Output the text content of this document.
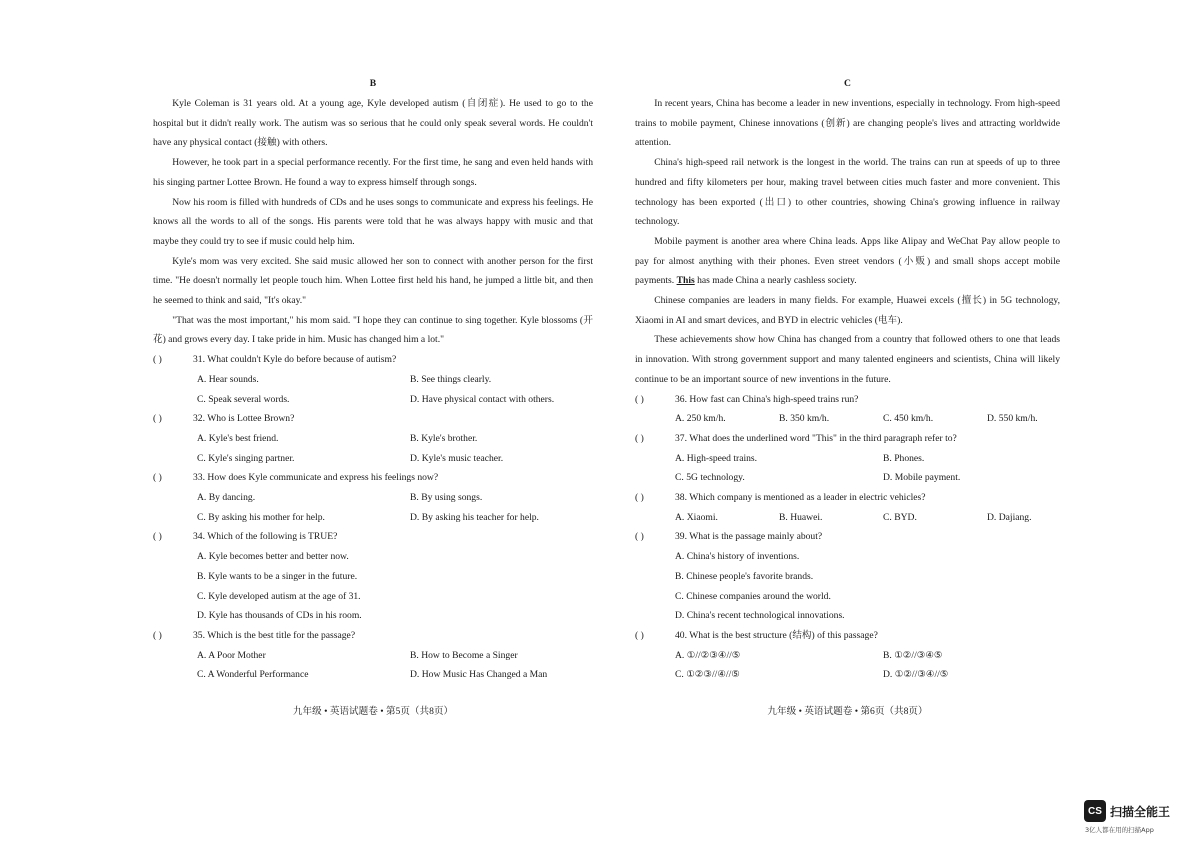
B

Kyle Coleman is 31 years old. At a young age, Kyle developed autism (自闭症). He used to go to the hospital but it didn't really work. The autism was so serious that he could only speak several words. He couldn't have any physical contact (接触) with others.

However, he took part in a special performance recently. For the first time, he sang and even held hands with his singing partner Lottee Brown. He found a way to express himself through songs.

Now his room is filled with hundreds of CDs and he uses songs to communicate and express his feelings. He knows all the words to all of the songs. His parents were told that he was always happy with music and that maybe they could try to see if music could help him.

Kyle's mom was very excited. She said music allowed her son to connect with another person for the first time. "He doesn't normally let people touch him. When Lottee first held his hand, he jumped a little bit, and then he seemed to think and said, "It's okay."

"That was the most important," his mom said. "I hope they can continue to sing together. Kyle blossoms (开花) and grows every day. I take pride in him. Music has changed him a lot."

( )	31. What couldn't Kyle do before because of autism?
A. Hear sounds.	B. See things clearly.
C. Speak several words.	D. Have physical contact with others.
( )	32. Who is Lottee Brown?
A. Kyle's best friend.	B. Kyle's brother.
C. Kyle's singing partner.	D. Kyle's music teacher.
( )	33. How does Kyle communicate and express his feelings now?
A. By dancing.	B. By using songs.
C. By asking his mother for help.	D. By asking his teacher for help.
( )	34. Which of the following is TRUE?
A. Kyle becomes better and better now.
B. Kyle wants to be a singer in the future.
C. Kyle developed autism at the age of 31.
D. Kyle has thousands of CDs in his room.
( )	35. Which is the best title for the passage?
A. A Poor Mother	B. How to Become a Singer
C. A Wonderful Performance	D. How Music Has Changed a Man
C

In recent years, China has become a leader in new inventions, especially in technology. From high-speed trains to mobile payment, Chinese innovations (创新) are changing people's lives and attracting worldwide attention.

China's high-speed rail network is the longest in the world. The trains can run at speeds of up to three hundred and fifty kilometers per hour, making travel between cities much faster and more convenient. This technology has been exported (出口) to other countries, showing China's growing influence in railway technology.

Mobile payment is another area where China leads. Apps like Alipay and WeChat Pay allow people to pay for almost anything with their phones. Even street vendors (小贩) and small shops accept mobile payments. This has made China a nearly cashless society.

Chinese companies are leaders in many fields. For example, Huawei excels (擅长) in 5G technology, Xiaomi in AI and smart devices, and BYD in electric vehicles (电车).

These achievements show how China has changed from a country that followed others to one that leads in innovation. With strong government support and many talented engineers and scientists, China will likely continue to be an important source of new inventions in the future.

( )	36. How fast can China's high-speed trains run?
A. 250 km/h.	B. 350 km/h.	C. 450 km/h.	D. 550 km/h.
( )	37. What does the underlined word "This" in the third paragraph refer to?
A. High-speed trains.	B. Phones.
C. 5G technology.	D. Mobile payment.
( )	38. Which company is mentioned as a leader in electric vehicles?
A. Xiaomi.	B. Huawei.	C. BYD.	D. Dajiang.
( )	39. What is the passage mainly about?
A. China's history of inventions.
B. Chinese people's favorite brands.
C. Chinese companies around the world.
D. China's recent technological innovations.
( )	40. What is the best structure (结构) of this passage?
A. ①//②③④//⑤	B. ①②//③④⑤
C. ①②③//④//⑤	D. ①②//③④//⑤
九年级 • 英语试题卷 • 第5页（共8页）	九年级 • 英语试题卷 • 第6页（共8页）
CS 扫描全能王
3亿人都在用的扫描App
